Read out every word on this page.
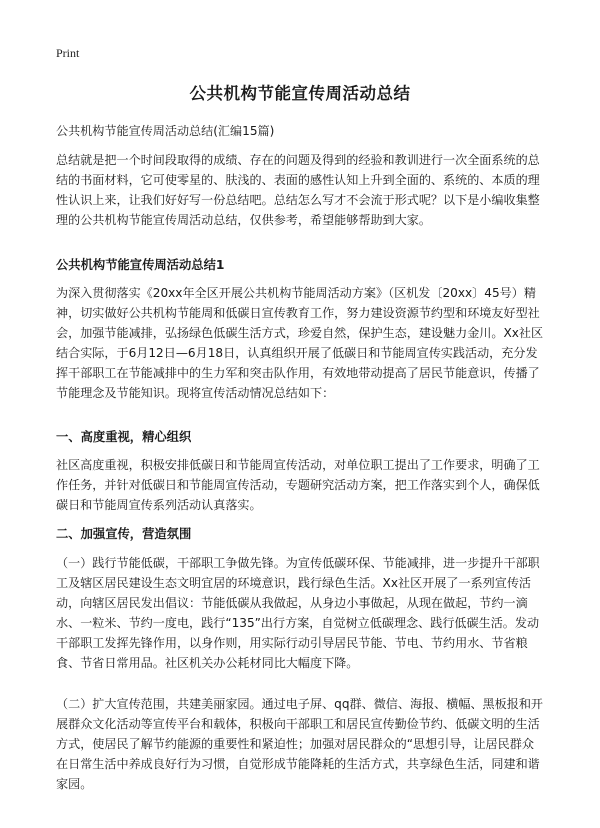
Print
公共机构节能宣传周活动总结
公共机构节能宣传周活动总结(汇编15篇)
总结就是把一个时间段取得的成绩、存在的问题及得到的经验和教训进行一次全面系统的总结的书面材料，它可使零星的、肤浅的、表面的感性认知上升到全面的、系统的、本质的理性认识上来，让我们好好写一份总结吧。总结怎么写才不会流于形式呢？以下是小编收集整理的公共机构节能宣传周活动总结，仅供参考，希望能够帮助到大家。
公共机构节能宣传周活动总结1
为深入贯彻落实《20xx年全区开展公共机构节能周活动方案》（区机发〔20xx〕45号）精神，切实做好公共机构节能周和低碳日宣传教育工作，努力建设资源节约型和环境友好型社会，加强节能减排，弘扬绿色低碳生活方式，珍爱自然，保护生态，建设魅力金川。Xx社区结合实际，于6月12日—6月18日，认真组织开展了低碳日和节能周宣传实践活动，充分发挥干部职工在节能减排中的生力军和突击队作用，有效地带动提高了居民节能意识，传播了节能理念及节能知识。现将宣传活动情况总结如下：
一、高度重视，精心组织
社区高度重视，积极安排低碳日和节能周宣传活动，对单位职工提出了工作要求，明确了工作任务，并针对低碳日和节能周宣传活动，专题研究活动方案，把工作落实到个人，确保低碳日和节能周宣传系列活动认真落实。
二、加强宣传，营造氛围
（一）践行节能低碳，干部职工争做先锋。为宣传低碳环保、节能减排，进一步提升干部职工及辖区居民建设生态文明宜居的环境意识，践行绿色生活。Xx社区开展了一系列宣传活动，向辖区居民发出倡议：节能低碳从我做起，从身边小事做起，从现在做起，节约一滴水、一粒米、节约一度电，践行“135”出行方案，自觉树立低碳理念、践行低碳生活。发动干部职工发挥先锋作用，以身作则，用实际行动引导居民节能、节电、节约用水、节省粮食、节省日常用品。社区机关办公耗材同比大幅度下降。
（二）扩大宣传范围，共建美丽家园。通过电子屏、qq群、微信、海报、横幅、黑板报和开展群众文化活动等宣传平台和载体，积极向干部职工和居民宣传勤俭节约、低碳文明的生活方式，使居民了解节约能源的重要性和紧迫性；加强对居民群众的“思想引导，让居民群众在日常生活中养成良好行为习惯，自觉形成节能降耗的生活方式，共享绿色生活，同建和谐家园。
